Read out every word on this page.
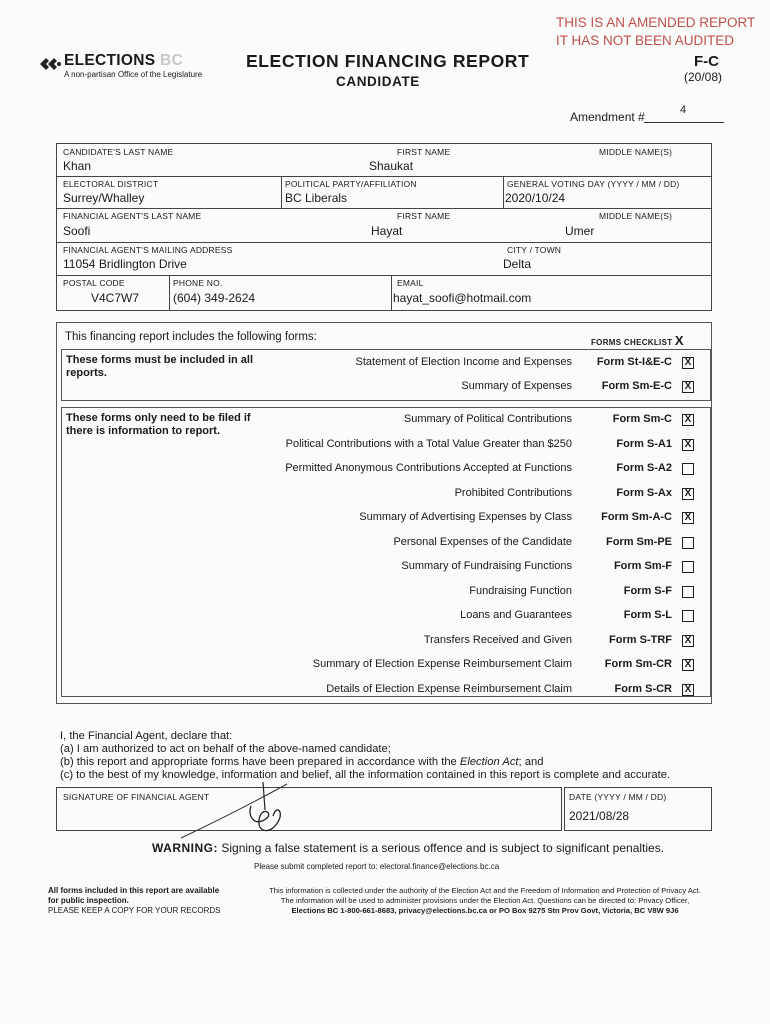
THIS IS AN AMENDED REPORT
IT HAS NOT BEEN AUDITED
ELECTIONS BC
A non-partisan Office of the Legislature
ELECTION FINANCING REPORT
CANDIDATE
F-C
(20/08)
Amendment #	4
CANDIDATE'S LAST NAME
Khan
FIRST NAME
Shaukat
MIDDLE NAME(S)
ELECTORAL DISTRICT
Surrey/Whalley
POLITICAL PARTY/AFFILIATION
BC Liberals
GENERAL VOTING DAY (YYYY / MM / DD)
2020/10/24
FINANCIAL AGENT'S LAST NAME
Soofi
FIRST NAME
Hayat
MIDDLE NAME(S)
Umer
FINANCIAL AGENT'S MAILING ADDRESS
11054 Bridlington Drive
CITY / TOWN
Delta
POSTAL CODE
V4C7W7
PHONE NO.
(604) 349-2624
EMAIL
hayat_soofi@hotmail.com
This financing report includes the following forms:	FORMS CHECKLIST X
These forms must be included in all reports.
Statement of Election Income and Expenses	Form St-I&E-C X
Summary of Expenses	Form Sm-E-C X
These forms only need to be filed if there is information to report.
Summary of Political Contributions	Form Sm-C X
Political Contributions with a Total Value Greater than $250	Form S-A1 X
Permitted Anonymous Contributions Accepted at Functions	Form S-A2
Prohibited Contributions	Form S-Ax X
Summary of Advertising Expenses by Class	Form Sm-A-C X
Personal Expenses of the Candidate	Form Sm-PE
Summary of Fundraising Functions	Form Sm-F
Fundraising Function	Form S-F
Loans and Guarantees	Form S-L
Transfers Received and Given	Form S-TRF X
Summary of Election Expense Reimbursement Claim	Form Sm-CR X
Details of Election Expense Reimbursement Claim	Form S-CR X
I, the Financial Agent, declare that:
(a) I am authorized to act on behalf of the above-named candidate;
(b) this report and appropriate forms have been prepared in accordance with the Election Act; and
(c) to the best of my knowledge, information and belief, all the information contained in this report is complete and accurate.
SIGNATURE OF FINANCIAL AGENT	DATE (YYYY / MM / DD)
2021/08/28
WARNING: Signing a false statement is a serious offence and is subject to significant penalties.
Please submit completed report to: electoral.finance@elections.bc.ca
All forms included in this report are available
for public inspection.
PLEASE KEEP A COPY FOR YOUR RECORDS
This information is collected under the authority of the Election Act and the Freedom of Information and Protection of Privacy Act.
The information will be used to administer provisions under the Election Act. Questions can be directed to: Privacy Officer,
Elections BC 1-800-661-8683, privacy@elections.bc.ca or PO Box 9275 Stn Prov Govt, Victoria, BC V8W 9J6
